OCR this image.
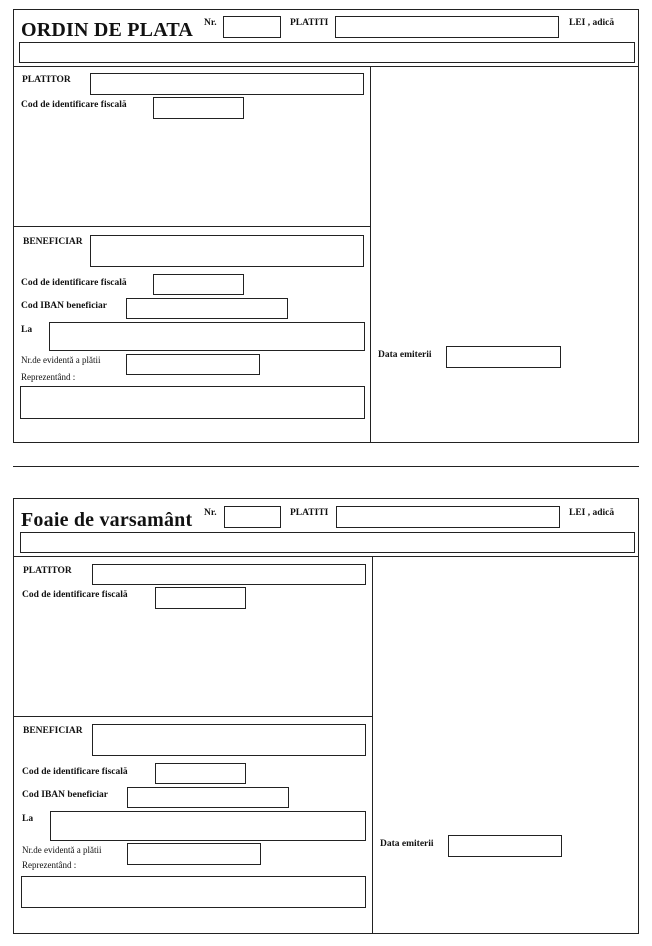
ORDIN DE PLATA Nr.	PLATITI	LEI , adică
PLATITOR
Cod de identificare fiscală
BENEFICIAR
Cod de identificare fiscală
Cod IBAN beneficiar
La
Nr.de evidentă a plătii
Reprezentând :
Data emiterii
Foaie de varsamânt Nr.	PLATITI	LEI , adică
PLATITOR
Cod de identificare fiscală
BENEFICIAR
Cod de identificare fiscală
Cod IBAN beneficiar
La
Nr.de evidentă a plătii
Reprezentând :
Data emiterii
